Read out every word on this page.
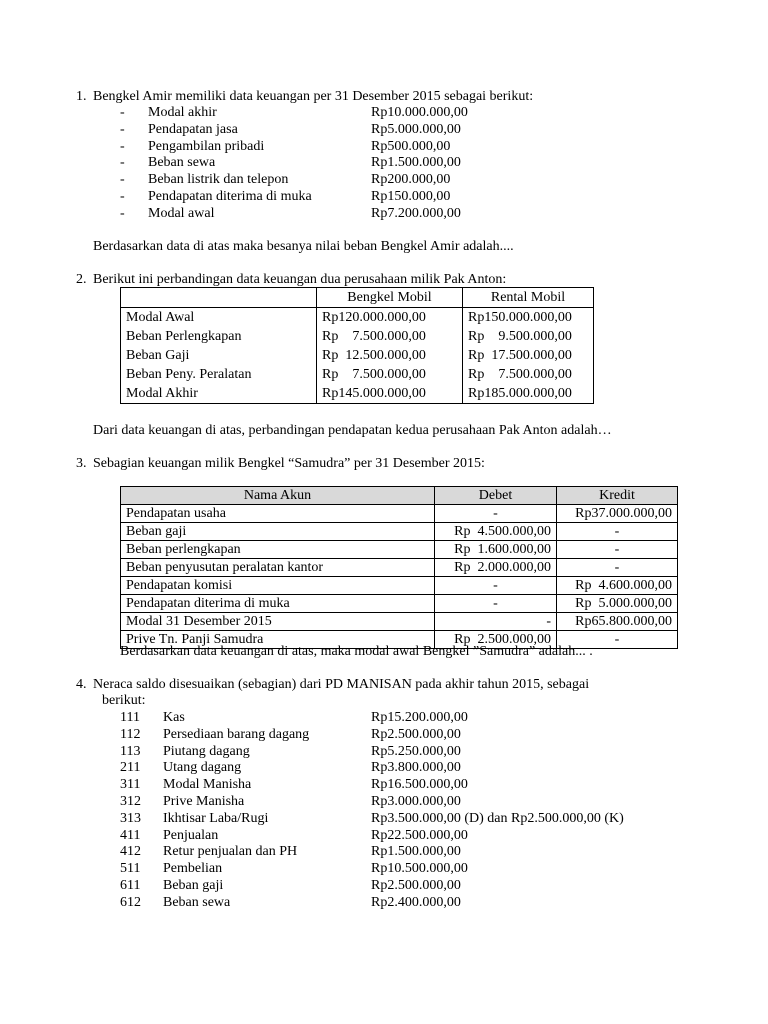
1. Bengkel Amir memiliki data keuangan per 31 Desember 2015 sebagai berikut:
- Modal akhir	Rp10.000.000,00
- Pendapatan jasa	Rp5.000.000,00
- Pengambilan pribadi	Rp500.000,00
- Beban sewa	Rp1.500.000,00
- Beban listrik dan telepon	Rp200.000,00
- Pendapatan diterima di muka	Rp150.000,00
- Modal awal	Rp7.200.000,00
Berdasarkan data di atas maka besanya nilai beban Bengkel Amir adalah....
2. Berikut ini perbandingan data keuangan dua perusahaan milik Pak Anton:
	Bengkel Mobil	Rental Mobil
Modal Awal	Rp120.000.000,00	Rp150.000.000,00
Beban Perlengkapan	Rp    7.500.000,00	Rp    9.500.000,00
Beban Gaji	Rp  12.500.000,00	Rp  17.500.000,00
Beban Peny. Peralatan	Rp    7.500.000,00	Rp    7.500.000,00
Modal Akhir	Rp145.000.000,00	Rp185.000.000,00
Dari data keuangan di atas, perbandingan pendapatan kedua perusahaan Pak Anton adalah…
3. Sebagian keuangan milik Bengkel “Samudra” per 31 Desember 2015:
Nama Akun	Debet	Kredit
Pendapatan usaha	-	Rp37.000.000,00
Beban gaji	Rp  4.500.000,00	-
Beban perlengkapan	Rp  1.600.000,00	-
Beban penyusutan peralatan kantor	Rp  2.000.000,00	-
Pendapatan komisi	-	Rp  4.600.000,00
Pendapatan diterima di muka	-	Rp  5.000.000,00
Modal 31 Desember 2015	-	Rp65.800.000,00
Prive Tn. Panji Samudra	Rp  2.500.000,00	-
Berdasarkan data keuangan di atas, maka modal awal Bengkel ”Samudra” adalah... .
4. Neraca saldo disesuaikan (sebagian) dari PD MANISAN pada akhir tahun 2015, sebagai
berikut:
111 Kas	Rp15.200.000,00
112 Persediaan barang dagang	Rp2.500.000,00
113 Piutang dagang	Rp5.250.000,00
211 Utang dagang	Rp3.800.000,00
311 Modal Manisha	Rp16.500.000,00
312 Prive Manisha	Rp3.000.000,00
313 Ikhtisar Laba/Rugi	Rp3.500.000,00 (D) dan Rp2.500.000,00 (K)
411 Penjualan	Rp22.500.000,00
412 Retur penjualan dan PH	Rp1.500.000,00
511 Pembelian	Rp10.500.000,00
611 Beban gaji	Rp2.500.000,00
612 Beban sewa	Rp2.400.000,00
